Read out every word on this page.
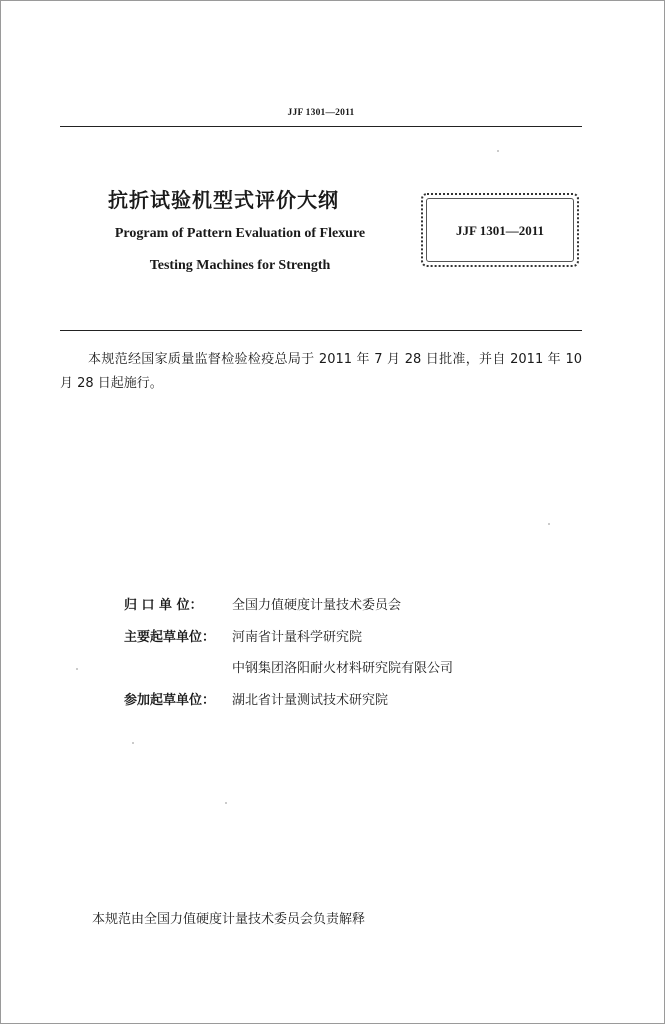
JJF 1301—2011
抗折试验机型式评价大纲
Program of Pattern Evaluation of Flexure
Testing Machines for Strength
JJF 1301—2011
本规范经国家质量监督检验检疫总局于 2011 年 7 月 28 日批准，并自 2011 年 10 月 28 日起施行。
归 口 单 位：	全国力值硬度计量技术委员会
主要起草单位：	河南省计量科学研究院
中钢集团洛阳耐火材料研究院有限公司
参加起草单位：	湖北省计量测试技术研究院
本规范由全国力值硬度计量技术委员会负责解释
